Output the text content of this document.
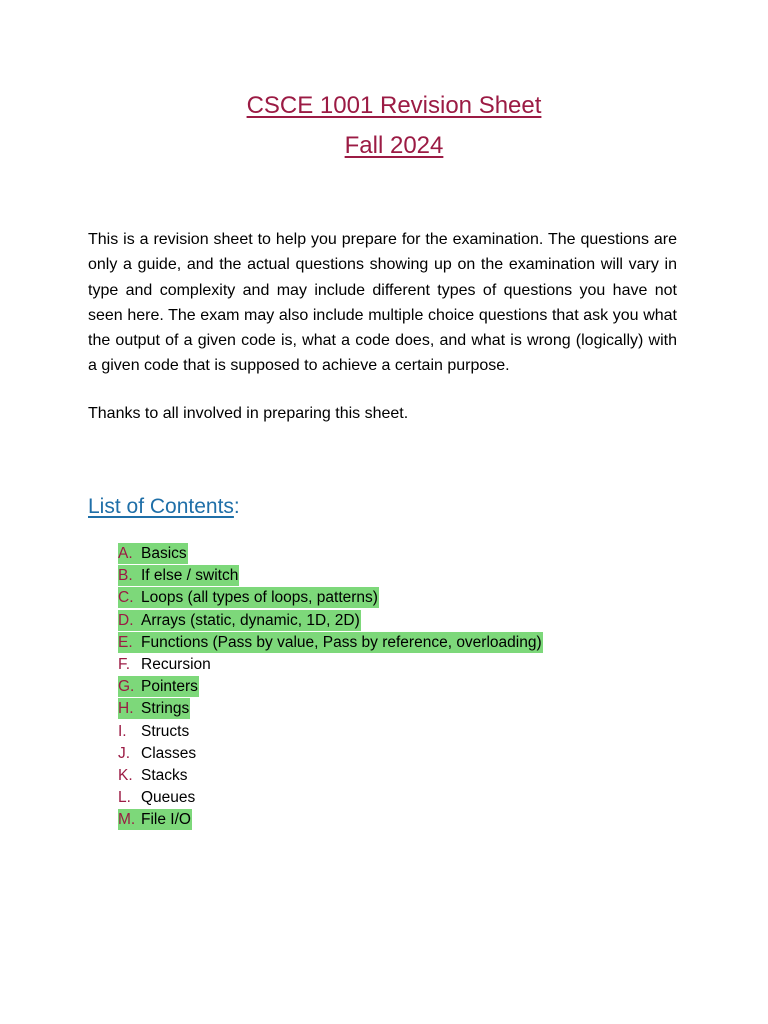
CSCE 1001 Revision Sheet
Fall 2024

This is a revision sheet to help you prepare for the examination. The questions are only a guide, and the actual questions showing up on the examination will vary in type and complexity and may include different types of questions you have not seen here. The exam may also include multiple choice questions that ask you what the output of a given code is, what a code does, and what is wrong (logically) with a given code that is supposed to achieve a certain purpose.

Thanks to all involved in preparing this sheet.

List of Contents:
A. Basics
B. If else / switch
C. Loops (all types of loops, patterns)
D. Arrays (static, dynamic, 1D, 2D)
E. Functions (Pass by value, Pass by reference, overloading)
F. Recursion
G. Pointers
H. Strings
I. Structs
J. Classes
K. Stacks
L. Queues
M. File I/O
